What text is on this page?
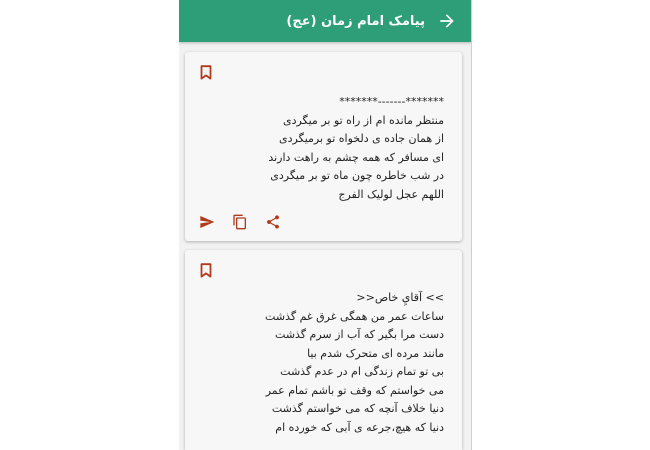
پیامک امام زمان (عج)
*******-------*******
منتظر مانده ام از راه تو بر میگردی
از همان جاده ی دلخواه تو برمیگردی
ای مسافر که همه چشم به راهت دارند
در شب خاطره چون ماه تو بر میگردی
اللهم عجل لولیک الفرج
>> آقايِ خاص<<
ساعات عمر من همگی غرق غم گذشت
دست مرا بگیر که آب از سرم گذشت
مانند مرده ای متحرک شدم بیا
بی تو تمام زندگی ام در عدم گذشت
می خواستم که وقف تو باشم تمام عمر
دنیا خلاف آنچه که می خواستم گذشت
دنیا که هیچ،جرعه ی آبی که خورده ام
